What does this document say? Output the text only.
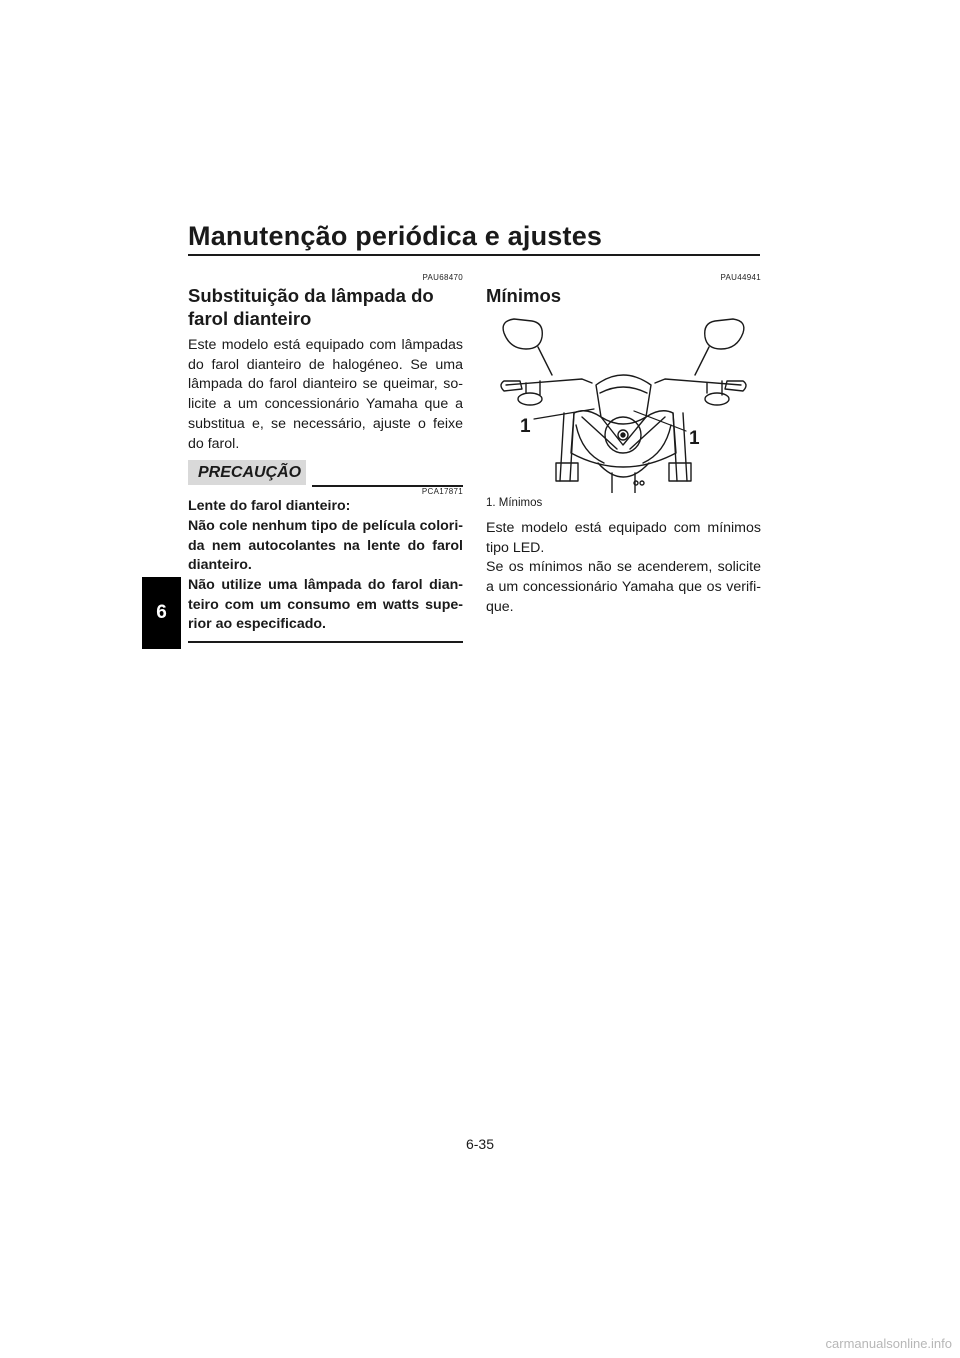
Manutenção periódica e ajustes
6
PAU68470
Substituição da lâmpada do farol dianteiro

Este modelo está equipado com lâmpadas do farol dianteiro de halogéneo. Se uma lâmpada do farol dianteiro se queimar, so-licite a um concessionário Yamaha que a substitua e, se necessário, ajuste o feixe do farol.

PRECAUÇÃO
PCA17871

Lente do farol dianteiro:

Não cole nenhum tipo de película colori-da nem autocolantes na lente do farol dianteiro.

Não utilize uma lâmpada do farol dian-teiro com um consumo em watts supe-rior ao especificado.

PAU44941
Mínimos
1
1
1. Mínimos

Este modelo está equipado com mínimos tipo LED.

Se os mínimos não se acenderem, solicite a um concessionário Yamaha que os verifi-que.

6-35
carmanualsonline.info
